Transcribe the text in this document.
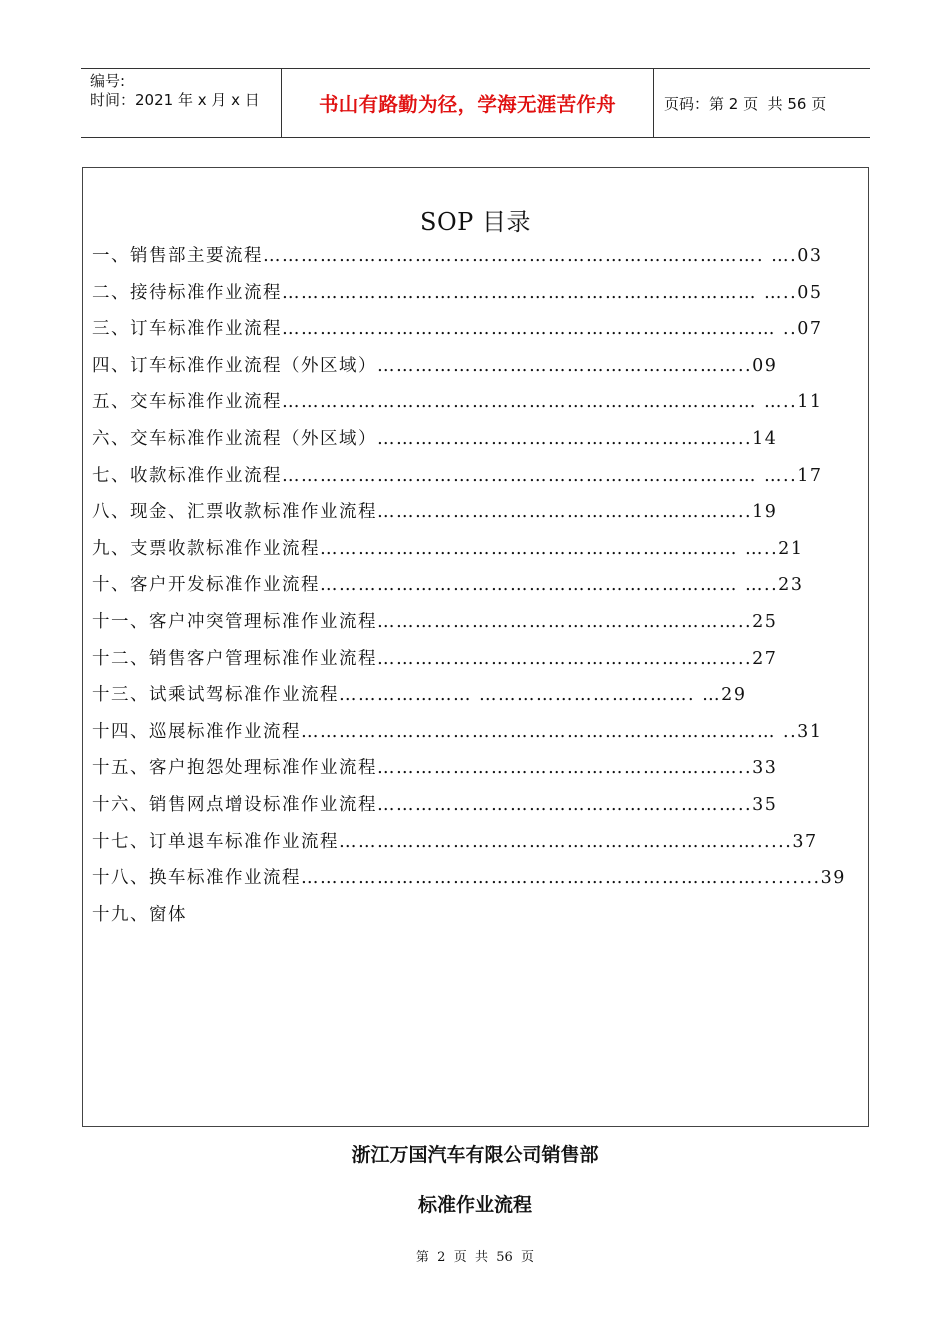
编号:
时间：2021 年 x 月 x 日	书山有路勤为径，学海无涯苦作舟	页码：第 2 页  共 56 页
SOP 目录
一、销售部主要流程……………………………………………………………………. ….03
二、接待标准作业流程………………………………………………………………… …..05
三、订车标准作业流程…………………………………………………………………… ..07
四、订车标准作业流程（外区域）…………………………………………………..09
五、交车标准作业流程………………………………………………………………… …..11
六、交车标准作业流程（外区域）…………………………………………………..14
七、收款标准作业流程………………………………………………………………… …..17
八、现金、汇票收款标准作业流程…………………………………………………..19
九、支票收款标准作业流程………………………………………………………… …..21
十、客户开发标准作业流程………………………………………………………… …..23
十一、客户冲突管理标准作业流程…………………………………………………..25
十二、销售客户管理标准作业流程…………………………………………………..27
十三、试乘试驾标准作业流程………………… ……………………………. …29
十四、巡展标准作业流程………………………………………………………………… ..31
十五、客户抱怨处理标准作业流程…………………………………………………..33
十六、销售网点增设标准作业流程…………………………………………………..35
十七、订单退车标准作业流程………………………………………………………….....37
十八、换车标准作业流程……………………………………………………………….........39
十九、窗体
浙江万国汽车有限公司销售部
标准作业流程
第  2  页  共  56  页
